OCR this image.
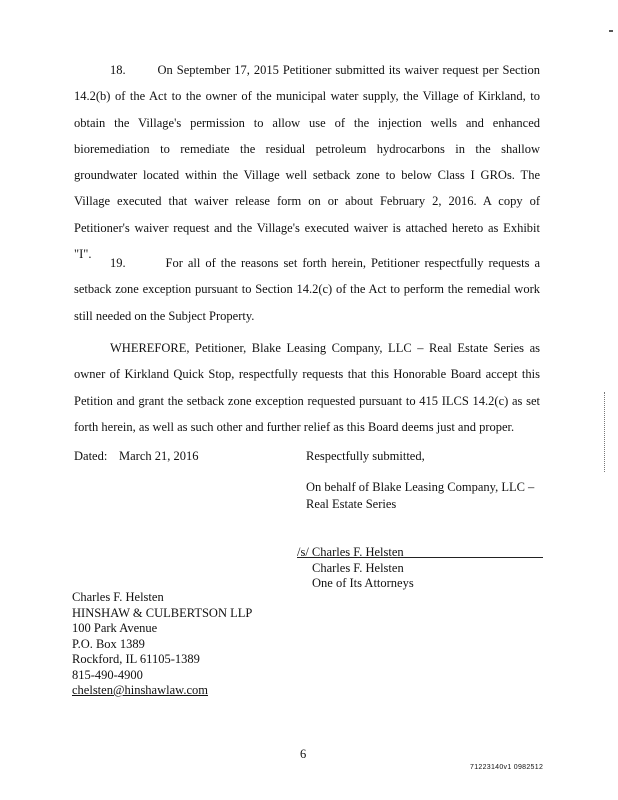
18.	On September 17, 2015 Petitioner submitted its waiver request per Section 14.2(b) of the Act to the owner of the municipal water supply, the Village of Kirkland, to obtain the Village's permission to allow use of the injection wells and enhanced bioremediation to remediate the residual petroleum hydrocarbons in the shallow groundwater located within the Village well setback zone to below Class I GROs. The Village executed that waiver release form on or about February 2, 2016. A copy of Petitioner's waiver request and the Village's executed waiver is attached hereto as Exhibit "I".

19.	For all of the reasons set forth herein, Petitioner respectfully requests a setback zone exception pursuant to Section 14.2(c) of the Act to perform the remedial work still needed on the Subject Property.

WHEREFORE, Petitioner, Blake Leasing Company, LLC – Real Estate Series as owner of Kirkland Quick Stop, respectfully requests that this Honorable Board accept this Petition and grant the setback zone exception requested pursuant to 415 ILCS 14.2(c) as set forth herein, as well as such other and further relief as this Board deems just and proper.

Dated: March 21, 2016	Respectfully submitted,
On behalf of Blake Leasing Company, LLC –
Real Estate Series
/s/ Charles F. Helsten
Charles F. Helsten
One of Its Attorneys
Charles F. Helsten
HINSHAW & CULBERTSON LLP
100 Park Avenue
P.O. Box 1389
Rockford, IL 61105-1389
815-490-4900
chelsten@hinshawlaw.com
6
71223140v1 0982512
